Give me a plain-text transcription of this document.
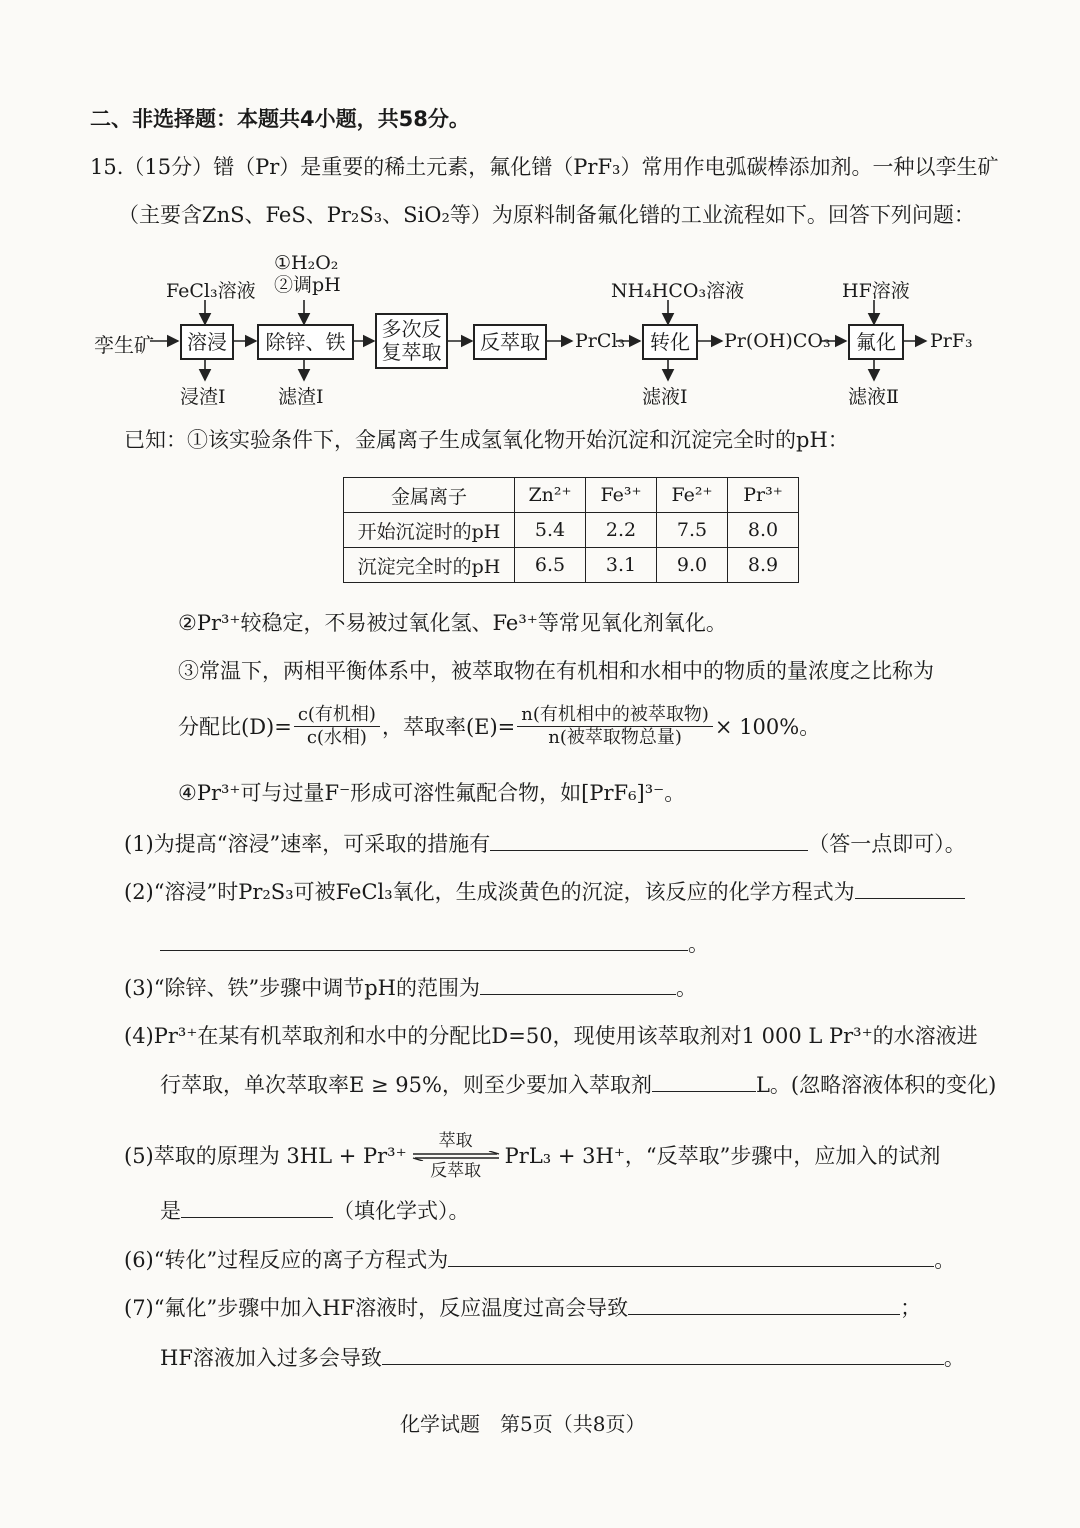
二、非选择题：本题共4小题，共58分。
15.（15分）镨（Pr）是重要的稀土元素，氟化镨（PrF₃）常用作电弧碳棒添加剂。一种以孪生矿
（主要含ZnS、FeS、Pr₂S₃、SiO₂等）为原料制备氟化镨的工业流程如下。回答下列问题：
孪生矿
FeCl₃溶液
①H₂O₂
②调pH	NH₄HCO₃溶液	HF溶液
溶浸	除锌、铁
多次反
复萃取	反萃取	PrCl₃	转化	Pr(OH)CO₃	氟化	PrF₃
浸渣Ⅰ	滤渣Ⅰ	滤液Ⅰ	滤液Ⅱ
已知：①该实验条件下，金属离子生成氢氧化物开始沉淀和沉淀完全时的pH：
金属离子	Zn²⁺	Fe³⁺	Fe²⁺	Pr³⁺
开始沉淀时的pH	5.4	2.2	7.5	8.0
沉淀完全时的pH	6.5	3.1	9.0	8.9
②Pr³⁺较稳定，不易被过氧化氢、Fe³⁺等常见氧化剂氧化。
③常温下，两相平衡体系中，被萃取物在有机相和水相中的物质的量浓度之比称为
分配比$(D)= \frac{\text{c(有机相)}}{\text{c(水相)}}$ ，萃取率$(E)= \frac{\text{n(有机相中的被萃取物)}}{\text{n(被萃取物总量)}} \times 100\%$。
④Pr³⁺可与过量F⁻形成可溶性氟配合物，如[PrF₆]³⁻。
(1)为提高“溶浸”速率，可采取的措施有	（答一点即可）。
(2)“溶浸”时Pr₂S₃可被FeCl₃氧化，生成淡黄色的沉淀，该反应的化学方程式为
。
(3)“除锌、铁”步骤中调节pH的范围为	。
(4)Pr³⁺在某有机萃取剂和水中的分配比D=50，现使用该萃取剂对1 000 L Pr³⁺的水溶液进
行萃取，单次萃取率E ≥ 95%，则至少要加入萃取剂	L。(忽略溶液体积的变化)
(5)萃取的原理为 3HL + Pr³⁺
萃取
反萃取
PrL₃ + 3H⁺，“反萃取”步骤中，应加入的试剂
是	（填化学式）。
(6)“转化”过程反应的离子方程式为	。
(7)“氟化”步骤中加入HF溶液时，反应温度过高会导致	；
HF溶液加入过多会导致	。
化学试题　第5页（共8页）
